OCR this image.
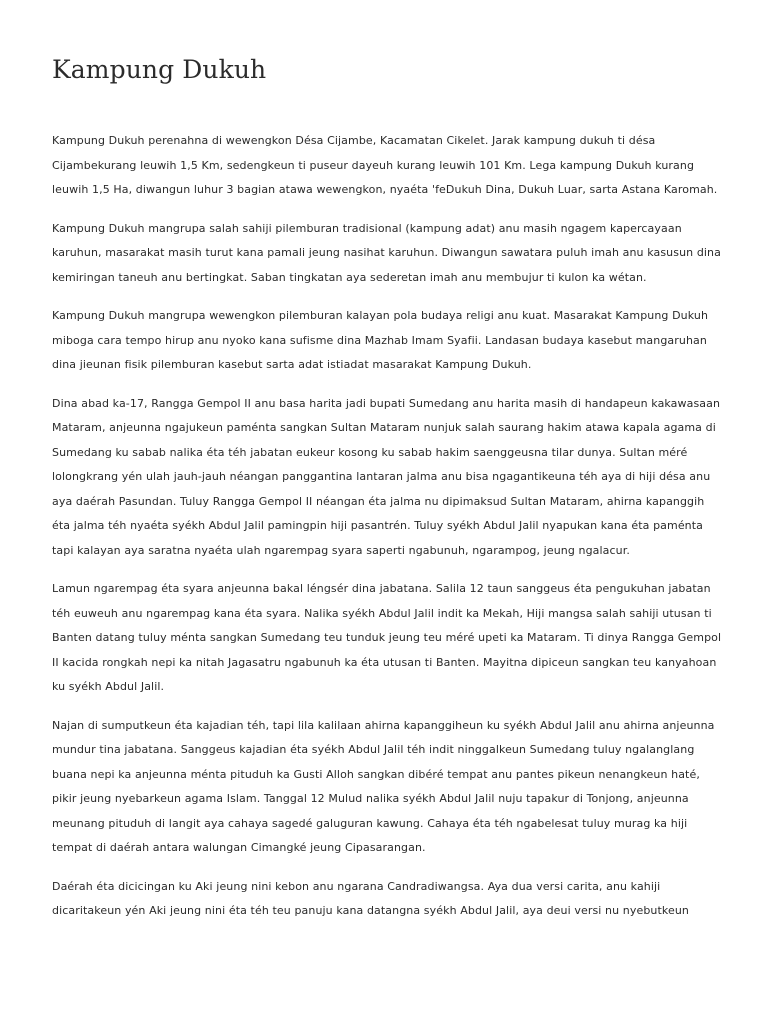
Kampung Dukuh

Kampung Dukuh perenahna di wewengkon Désa Cijambe, Kacamatan Cikelet. Jarak kampung dukuh ti désa Cijambekurang leuwih 1,5 Km, sedengkeun ti puseur dayeuh kurang leuwih 101 Km. Lega kampung Dukuh kurang leuwih 1,5 Ha, diwangun luhur 3 bagian atawa wewengkon, nyaéta 'feDukuh Dina, Dukuh Luar, sarta Astana Karomah.

Kampung Dukuh mangrupa salah sahiji pilemburan tradisional (kampung adat) anu masih ngagem kapercayaan karuhun, masarakat masih turut kana pamali jeung nasihat karuhun. Diwangun sawatara puluh imah anu kasusun dina kemiringan taneuh anu bertingkat. Saban tingkatan aya sederetan imah anu membujur ti kulon ka wétan.

Kampung Dukuh mangrupa wewengkon pilemburan kalayan pola budaya religi anu kuat. Masarakat Kampung Dukuh miboga cara tempo hirup anu nyoko kana sufisme dina Mazhab Imam Syafii. Landasan budaya kasebut mangaruhan dina jieunan fisik pilemburan kasebut sarta adat istiadat masarakat Kampung Dukuh.

Dina abad ka-17, Rangga Gempol II anu basa harita jadi bupati Sumedang anu harita masih di handapeun kakawasaan Mataram, anjeunna ngajukeun paménta sangkan Sultan Mataram nunjuk salah saurang hakim atawa kapala agama di Sumedang ku sabab nalika éta téh jabatan eukeur kosong ku sabab hakim saenggeusna tilar dunya. Sultan méré lolongkrang yén ulah jauh-jauh néangan panggantina lantaran jalma anu bisa ngagantikeuna téh aya di hiji désa anu aya daérah Pasundan. Tuluy Rangga Gempol II néangan éta jalma nu dipimaksud Sultan Mataram, ahirna kapanggih éta jalma téh nyaéta syékh Abdul Jalil pamingpin hiji pasantrén. Tuluy syékh Abdul Jalil nyapukan kana éta paménta tapi kalayan aya saratna nyaéta ulah ngarempag syara saperti ngabunuh, ngarampog, jeung ngalacur.

Lamun ngarempag éta syara anjeunna bakal léngsér dina jabatana. Salila 12 taun sanggeus éta pengukuhan jabatan téh euweuh anu ngarempag kana éta syara. Nalika syékh Abdul Jalil indit ka Mekah, Hiji mangsa salah sahiji utusan ti Banten datang tuluy ménta sangkan Sumedang teu tunduk jeung teu méré upeti ka Mataram. Ti dinya Rangga Gempol II kacida rongkah nepi ka nitah Jagasatru ngabunuh ka éta utusan ti Banten. Mayitna dipiceun sangkan teu kanyahoan ku syékh Abdul Jalil.

Najan di sumputkeun éta kajadian téh, tapi lila kalilaan ahirna kapanggiheun ku syékh Abdul Jalil anu ahirna anjeunna mundur tina jabatana. Sanggeus kajadian éta syékh Abdul Jalil téh indit ninggalkeun Sumedang tuluy ngalanglang buana nepi ka anjeunna ménta pituduh ka Gusti Alloh sangkan dibéré tempat anu pantes pikeun nenangkeun haté, pikir jeung nyebarkeun agama Islam. Tanggal 12 Mulud nalika syékh Abdul Jalil nuju tapakur di Tonjong, anjeunna meunang pituduh di langit aya cahaya sagedé galuguran kawung. Cahaya éta téh ngabelesat tuluy murag ka hiji tempat di daérah antara walungan Cimangké jeung Cipasarangan.

Daérah éta dicicingan ku Aki jeung nini kebon anu ngarana Candradiwangsa. Aya dua versi carita, anu kahiji dicaritakeun yén Aki jeung nini éta téh teu panuju kana datangna syékh Abdul Jalil, aya deui versi nu nyebutkeun
